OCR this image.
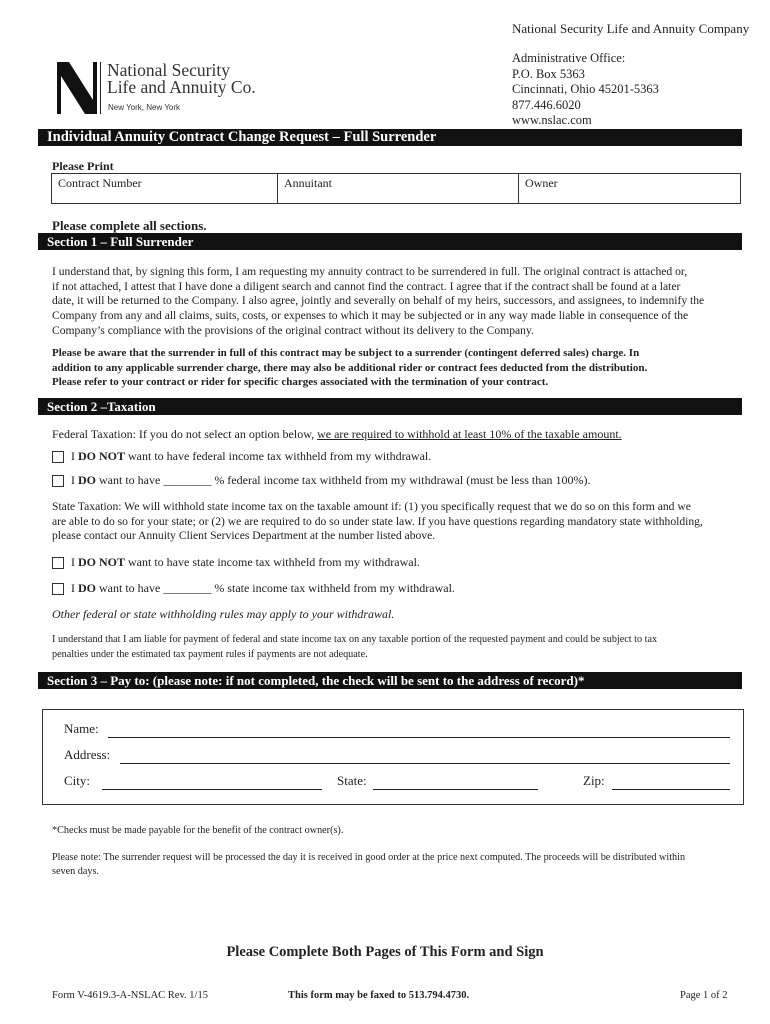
National Security Life and Annuity Company
Administrative Office:
P.O. Box 5363
Cincinnati, Ohio 45201-5363
877.446.6020
www.nslac.com
National Security
Life and Annuity Co.
New York, New York
Individual Annuity Contract Change Request – Full Surrender
Please Print
Contract Number	Annuitant	Owner
Please complete all sections.
Section 1 – Full Surrender
I understand that, by signing this form, I am requesting my annuity contract to be surrendered in full. The original contract is attached or,
if not attached, I attest that I have done a diligent search and cannot find the contract. I agree that if the contract shall be found at a later
date, it will be returned to the Company. I also agree, jointly and severally on behalf of my heirs, successors, and assignees, to indemnify the
Company from any and all claims, suits, costs, or expenses to which it may be subjected or in any way made liable in consequence of the
Company’s compliance with the provisions of the original contract without its delivery to the Company.
Please be aware that the surrender in full of this contract may be subject to a surrender (contingent deferred sales) charge. In
addition to any applicable surrender charge, there may also be additional rider or contract fees deducted from the distribution.
Please refer to your contract or rider for specific charges associated with the termination of your contract.
Section 2 –Taxation
Federal Taxation: If you do not select an option below, we are required to withhold at least 10% of the taxable amount.
I DO NOT want to have federal income tax withheld from my withdrawal.
I DO want to have ________ % federal income tax withheld from my withdrawal (must be less than 100%).
State Taxation: We will withhold state income tax on the taxable amount if: (1) you specifically request that we do so on this form and we
are able to do so for your state; or (2) we are required to do so under state law. If you have questions regarding mandatory state withholding,
please contact our Annuity Client Services Department at the number listed above.
I DO NOT want to have state income tax withheld from my withdrawal.
I DO want to have ________ % state income tax withheld from my withdrawal.
Other federal or state withholding rules may apply to your withdrawal.
I understand that I am liable for payment of federal and state income tax on any taxable portion of the requested payment and could be subject to tax
penalties under the estimated tax payment rules if payments are not adequate.
Section 3 – Pay to: (please note: if not completed, the check will be sent to the address of record)*
Name:
Address:
City:	State:	Zip:
*Checks must be made payable for the benefit of the contract owner(s).
Please note: The surrender request will be processed the day it is received in good order at the price next computed. The proceeds will be distributed within
seven days.
Please Complete Both Pages of This Form and Sign
Form V-4619.3-A-NSLAC Rev. 1/15	This form may be faxed to 513.794.4730.	Page 1 of 2
